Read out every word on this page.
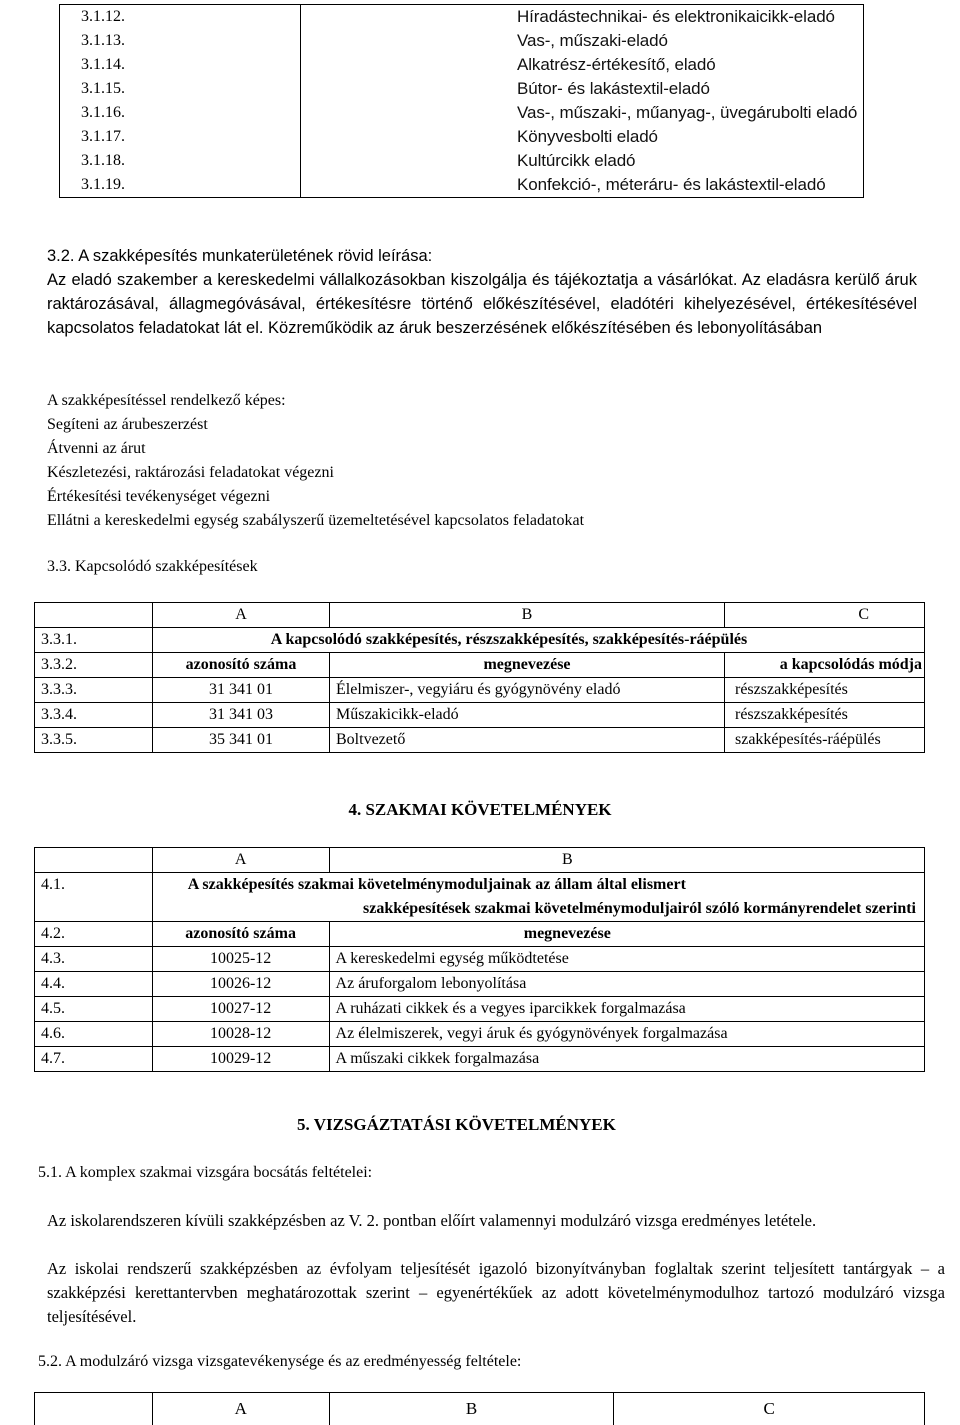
3.1.12.	Híradástechnikai- és elektronikaicikk-eladó
3.1.13.	Vas-, műszaki-eladó
3.1.14.	Alkatrész-értékesítő, eladó
3.1.15.	Bútor- és lakástextil-eladó
3.1.16.	Vas-, műszaki-, műanyag-, üvegárubolti eladó
3.1.17.	Könyvesbolti eladó
3.1.18.	Kultúrcikk eladó
3.1.19.	Konfekció-, méteráru- és lakástextil-eladó
3.2. A szakképesítés munkaterületének rövid leírása:
Az eladó szakember a kereskedelmi vállalkozásokban kiszolgálja és tájékoztatja a vásárlókat. Az eladásra kerülő áruk raktározásával, állagmegóvásával, értékesítésre történő előkészítésével, eladótéri kihelyezésével, értékesítésével kapcsolatos feladatokat lát el. Közreműködik az áruk beszerzésének előkészítésében és lebonyolításában
A szakképesítéssel rendelkező képes:
Segíteni az árubeszerzést
Átvenni az árut
Készletezési, raktározási feladatokat végezni
Értékesítési tevékenységet végezni
Ellátni a kereskedelmi egység szabályszerű üzemeltetésével kapcsolatos feladatokat
3.3. Kapcsolódó szakképesítések
	A	B	C
3.3.1.	A kapcsolódó szakképesítés, részszakképesítés, szakképesítés-ráépülés		
3.3.2.	azonosító száma	megnevezése	a kapcsolódás módja
3.3.3.	31 341 01	Élelmiszer-, vegyiáru és gyógynövény eladó	részszakképesítés
3.3.4.	31 341 03	Műszakicikk-eladó	részszakképesítés
3.3.5.	35 341 01	Boltvezető	szakképesítés-ráépülés
4. SZAKMAI KÖVETELMÉNYEK
	A	B
4.1.	A szakképesítés szakmai követelménymoduljainak az állam által elismert	
	szakképesítések szakmai követelménymoduljairól szóló kormányrendelet szerinti	
4.2.	azonosító száma	megnevezése
4.3.	10025-12	A kereskedelmi egység működtetése
4.4.	10026-12	Az áruforgalom lebonyolítása
4.5.	10027-12	A ruházati cikkek és a vegyes iparcikkek forgalmazása
4.6.	10028-12	Az élelmiszerek, vegyi áruk és gyógynövények forgalmazása
4.7.	10029-12	A műszaki cikkek forgalmazása
5. VIZSGÁZTATÁSI KÖVETELMÉNYEK
5.1. A komplex szakmai vizsgára bocsátás feltételei:
Az iskolarendszeren kívüli szakképzésben az V. 2. pontban előírt valamennyi modulzáró vizsga eredményes letétele.
Az iskolai rendszerű szakképzésben az évfolyam teljesítését igazoló bizonyítványban foglaltak szerint teljesített tantárgyak – a szakképzési kerettantervben meghatározottak szerint – egyenértékűek az adott követelménymodulhoz tartozó modulzáró vizsga teljesítésével.
5.2. A modulzáró vizsga vizsgatevékenysége és az eredményesség feltétele:
	A	B	C
